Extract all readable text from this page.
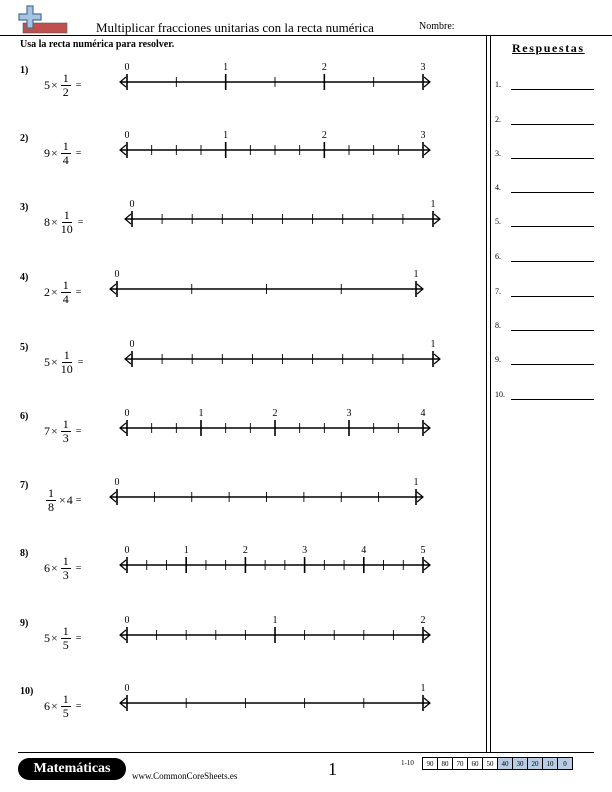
Multiplicar fracciones unitarias con la recta numérica	Nombre:
Usa la recta numérica para resolver.	Respuestas
1.
2.
3.
4.
5.
6.
7.
8.
9.
10.
1)
$5 \times \frac{1}{2}$ =
0	1	2	3
2)
$9 \times \frac{1}{4}$ =
0	1	2	3
3)
$8 \times \frac{1}{10}$ =
0	1
4)
$2 \times \frac{1}{4}$ =
0	1
5)
$5 \times \frac{1}{10}$ =
0	1
6)
$7 \times \frac{1}{3}$ =
0	1	2	3	4
7)
$\frac{1}{8} \times 4$ =
0	1
8)
$6 \times \frac{1}{3}$ =
0	1	2	3	4	5
9)
$5 \times \frac{1}{5}$ =
0	1	2
10)
$6 \times \frac{1}{5}$ =
0	1
Matemáticas	www.CommonCoreSheets.es	1	1-10	90	80	70	60	50	40	30	20	10	0
